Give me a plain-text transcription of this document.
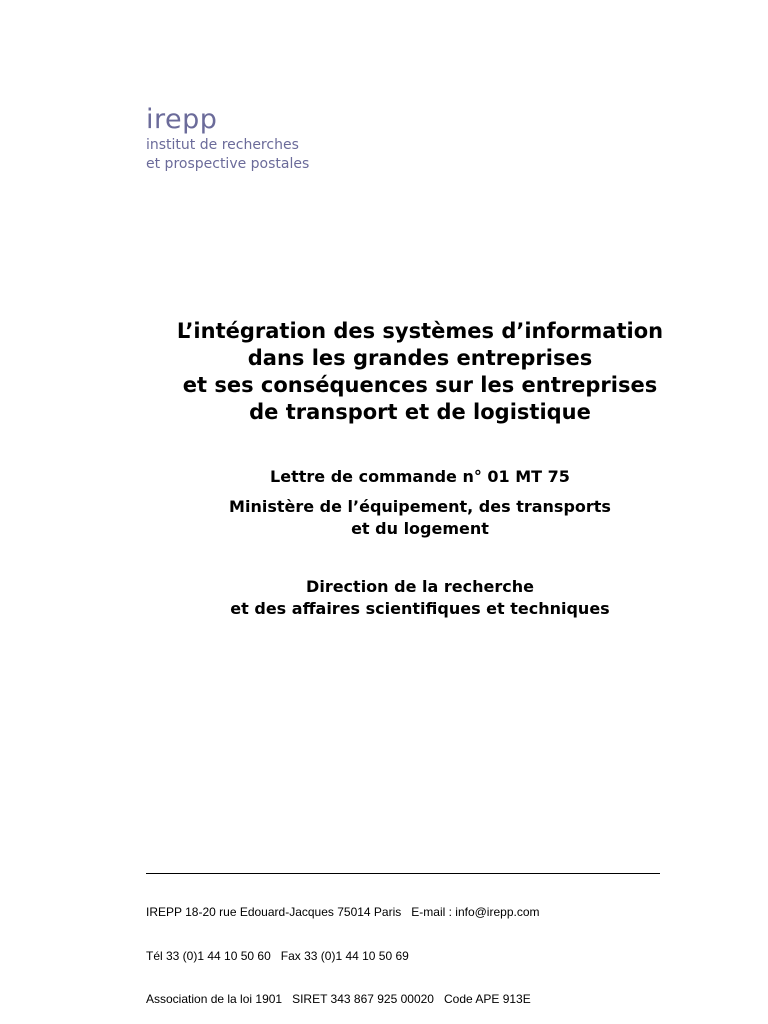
irepp
institut de recherches
et prospective postales
L’intégration des systèmes d’information
dans les grandes entreprises
et ses conséquences sur les entreprises
de transport et de logistique
Lettre de commande n° 01 MT 75
Ministère de l’équipement, des transports
et du logement
Direction de la recherche
et des affaires scientifiques et techniques

IREPP 18-20 rue Edouard-Jacques 75014 Paris   E-mail : info@irepp.com

Tél 33 (0)1 44 10 50 60   Fax 33 (0)1 44 10 50 69

Association de la loi 1901   SIRET 343 867 925 00020   Code APE 913E
